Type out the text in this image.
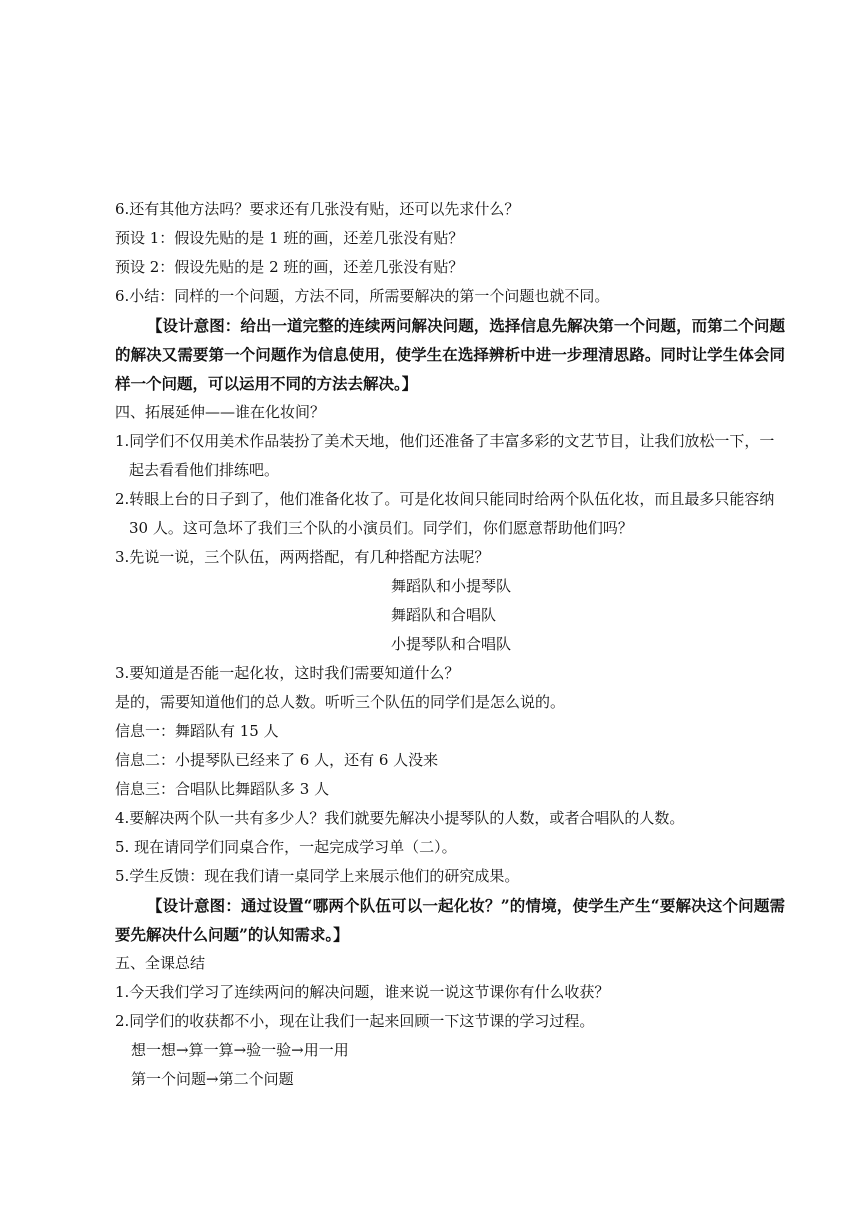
6.还有其他方法吗？要求还有几张没有贴，还可以先求什么？
预设 1：假设先贴的是 1 班的画，还差几张没有贴？
预设 2：假设先贴的是 2 班的画，还差几张没有贴？
6.小结：同样的一个问题，方法不同，所需要解决的第一个问题也就不同。
【设计意图：给出一道完整的连续两问解决问题，选择信息先解决第一个问题，而第二个问题的解决又需要第一个问题作为信息使用，使学生在选择辨析中进一步理清思路。同时让学生体会同样一个问题，可以运用不同的方法去解决。】
四、拓展延伸——谁在化妆间？
1.同学们不仅用美术作品装扮了美术天地，他们还准备了丰富多彩的文艺节目，让我们放松一下，一起去看看他们排练吧。
2.转眼上台的日子到了，他们准备化妆了。可是化妆间只能同时给两个队伍化妆，而且最多只能容纳 30 人。这可急坏了我们三个队的小演员们。同学们，你们愿意帮助他们吗？
3.先说一说，三个队伍，两两搭配，有几种搭配方法呢？
舞蹈队和小提琴队
舞蹈队和合唱队
小提琴队和合唱队
3.要知道是否能一起化妆，这时我们需要知道什么？
是的，需要知道他们的总人数。听听三个队伍的同学们是怎么说的。
信息一：舞蹈队有 15 人
信息二：小提琴队已经来了 6 人，还有 6 人没来
信息三：合唱队比舞蹈队多 3 人
4.要解决两个队一共有多少人？我们就要先解决小提琴队的人数，或者合唱队的人数。
5. 现在请同学们同桌合作，一起完成学习单（二）。
5.学生反馈：现在我们请一桌同学上来展示他们的研究成果。
【设计意图：通过设置“哪两个队伍可以一起化妆？”的情境，使学生产生“要解决这个问题需要先解决什么问题”的认知需求。】
五、全课总结
1.今天我们学习了连续两问的解决问题，谁来说一说这节课你有什么收获？
2.同学们的收获都不小，现在让我们一起来回顾一下这节课的学习过程。
想一想→算一算→验一验→用一用
第一个问题→第二个问题
